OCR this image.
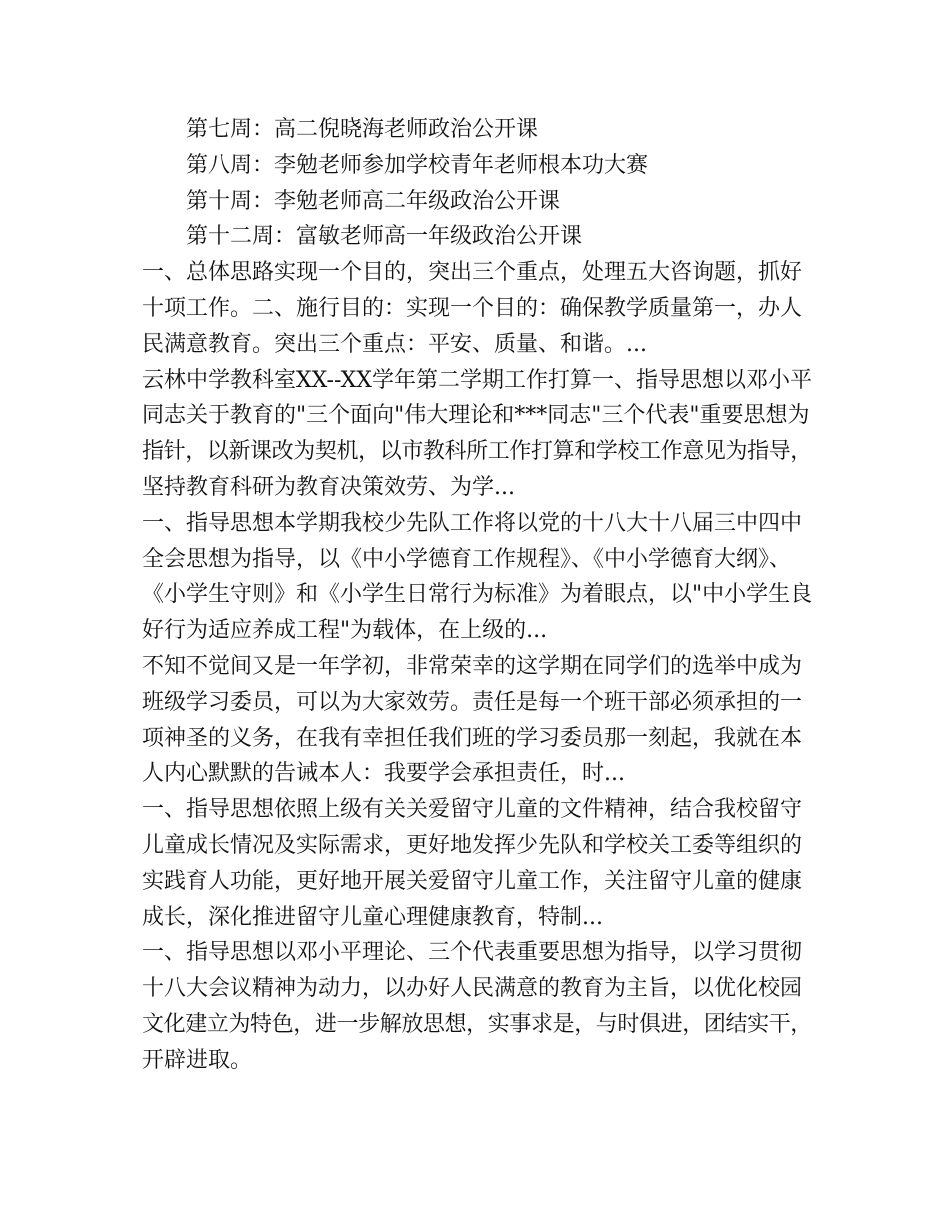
第七周：高二倪晓海老师政治公开课
第八周：李勉老师参加学校青年老师根本功大赛
第十周：李勉老师高二年级政治公开课
第十二周：富敏老师高一年级政治公开课
一、总体思路实现一个目的，突出三个重点，处理五大咨询题，抓好
十项工作。二、施行目的：实现一个目的：确保教学质量第一，办人
民满意教育。突出三个重点：平安、质量、和谐。...
云林中学教科室XX--XX学年第二学期工作打算一、指导思想以邓小平
同志关于教育的"三个面向"伟大理论和***同志"三个代表"重要思想为
指针，以新课改为契机，以市教科所工作打算和学校工作意见为指导，
坚持教育科研为教育决策效劳、为学...
一、指导思想本学期我校少先队工作将以党的十八大十八届三中四中
全会思想为指导，以《中小学德育工作规程》、《中小学德育大纲》、
《小学生守则》和《小学生日常行为标准》为着眼点，以"中小学生良
好行为适应养成工程"为载体，在上级的...
不知不觉间又是一年学初，非常荣幸的这学期在同学们的选举中成为
班级学习委员，可以为大家效劳。责任是每一个班干部必须承担的一
项神圣的义务，在我有幸担任我们班的学习委员那一刻起，我就在本
人内心默默的告诫本人：我要学会承担责任，时...
一、指导思想依照上级有关关爱留守儿童的文件精神，结合我校留守
儿童成长情况及实际需求，更好地发挥少先队和学校关工委等组织的
实践育人功能，更好地开展关爱留守儿童工作，关注留守儿童的健康
成长，深化推进留守儿童心理健康教育，特制...
一、指导思想以邓小平理论、三个代表重要思想为指导，以学习贯彻
十八大会议精神为动力，以办好人民满意的教育为主旨，以优化校园
文化建立为特色，进一步解放思想，实事求是，与时俱进，团结实干，
开辟进取。
